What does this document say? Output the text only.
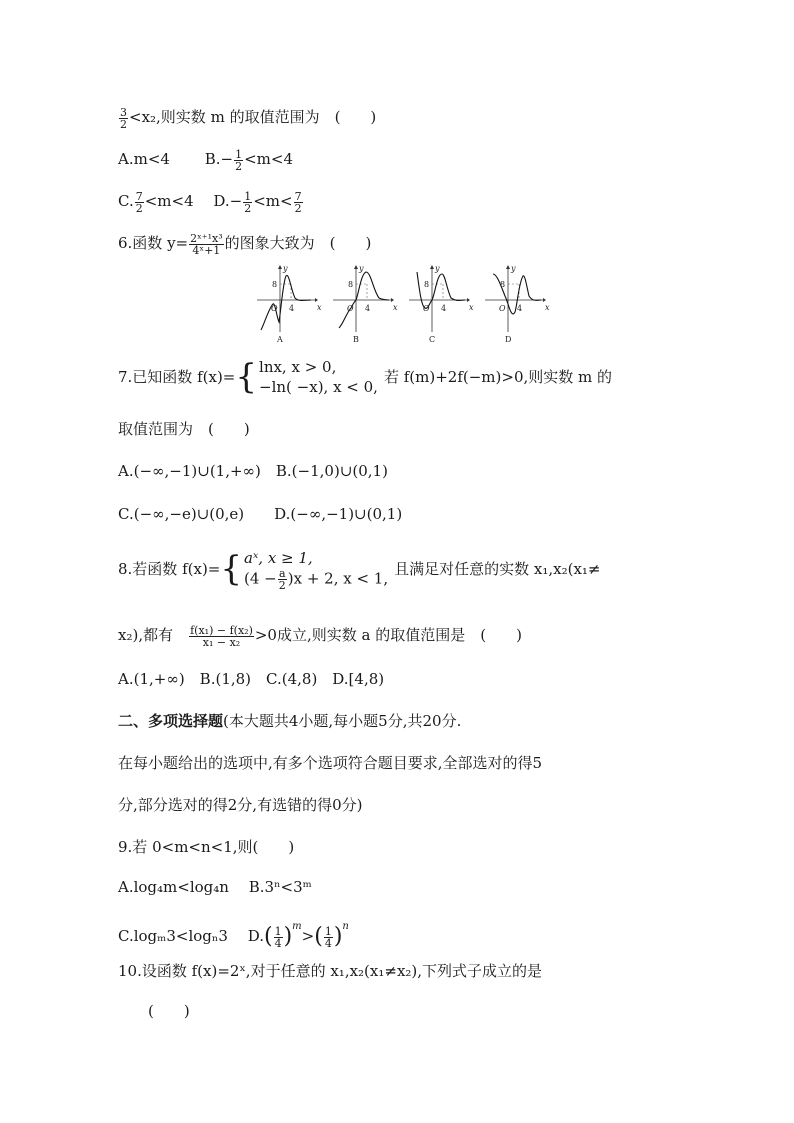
$\frac{3}{2} <x_2$,则实数 m 的取值范围为　(　　)
A.m<4　　 $B.- \frac{1}{2} <m<4$
C. $\frac{7}{2} <m<4$　 $D.- \frac{1}{2} <m< \frac{7}{2}$
6.函数 $y= \frac{\text{2ˣ⁺¹x³}}{\text{4ˣ+1}}$ 的图象大致为　(　　)
8
4
O	x
y
A
8
4
O	x
y
B
8
4
O	x
y
C
8
4
O	x
y
D
7.已知函数 f(x)={ lnx, x > 0,
−ln( −x), x < 0,
若 f(m)+2f(−m)>0,则实数 m 的
取值范围为　(　　)
A.(−∞,−1)∪(1,+∞)　B.(−1,0)∪(0,1)
C.(−∞,−e)∪(0,e)　　D.(−∞,−1)∪(0,1)
8.若函数 f(x)={ aˣ, x ≥ 1,
$(4 - \frac{a}{2} )x + 2$, x < 1, 且满足对任意的实数 x₁,x₂(x₁≠
x₂),都有　 $\frac{\text{f(x₁) − f(x₂)}}{\text{x₁ − x₂}} >0$成立,则实数 a 的取值范围是　(　　)
A.(1,+∞)　B.(1,8)　C.(4,8)　D.[4,8)
二、多项选择题(本大题共4小题,每小题5分,共20分.
在每小题给出的选项中,有多个选项符合题目要求,全部选对的得5
分,部分选对的得2分,有选错的得0分)
9.若 0<m<n<1,则(　　)
A.log₄m<log₄n　 B.3ⁿ<3ᵐ
C.logₘ3<logₙ3　 $D.( \frac{1}{4} )^m>( \frac{1}{4} )^n$
10.设函数 f(x)=2ˣ,对于任意的 x₁,x₂(x₁≠x₂),下列式子成立的是
(　　)
